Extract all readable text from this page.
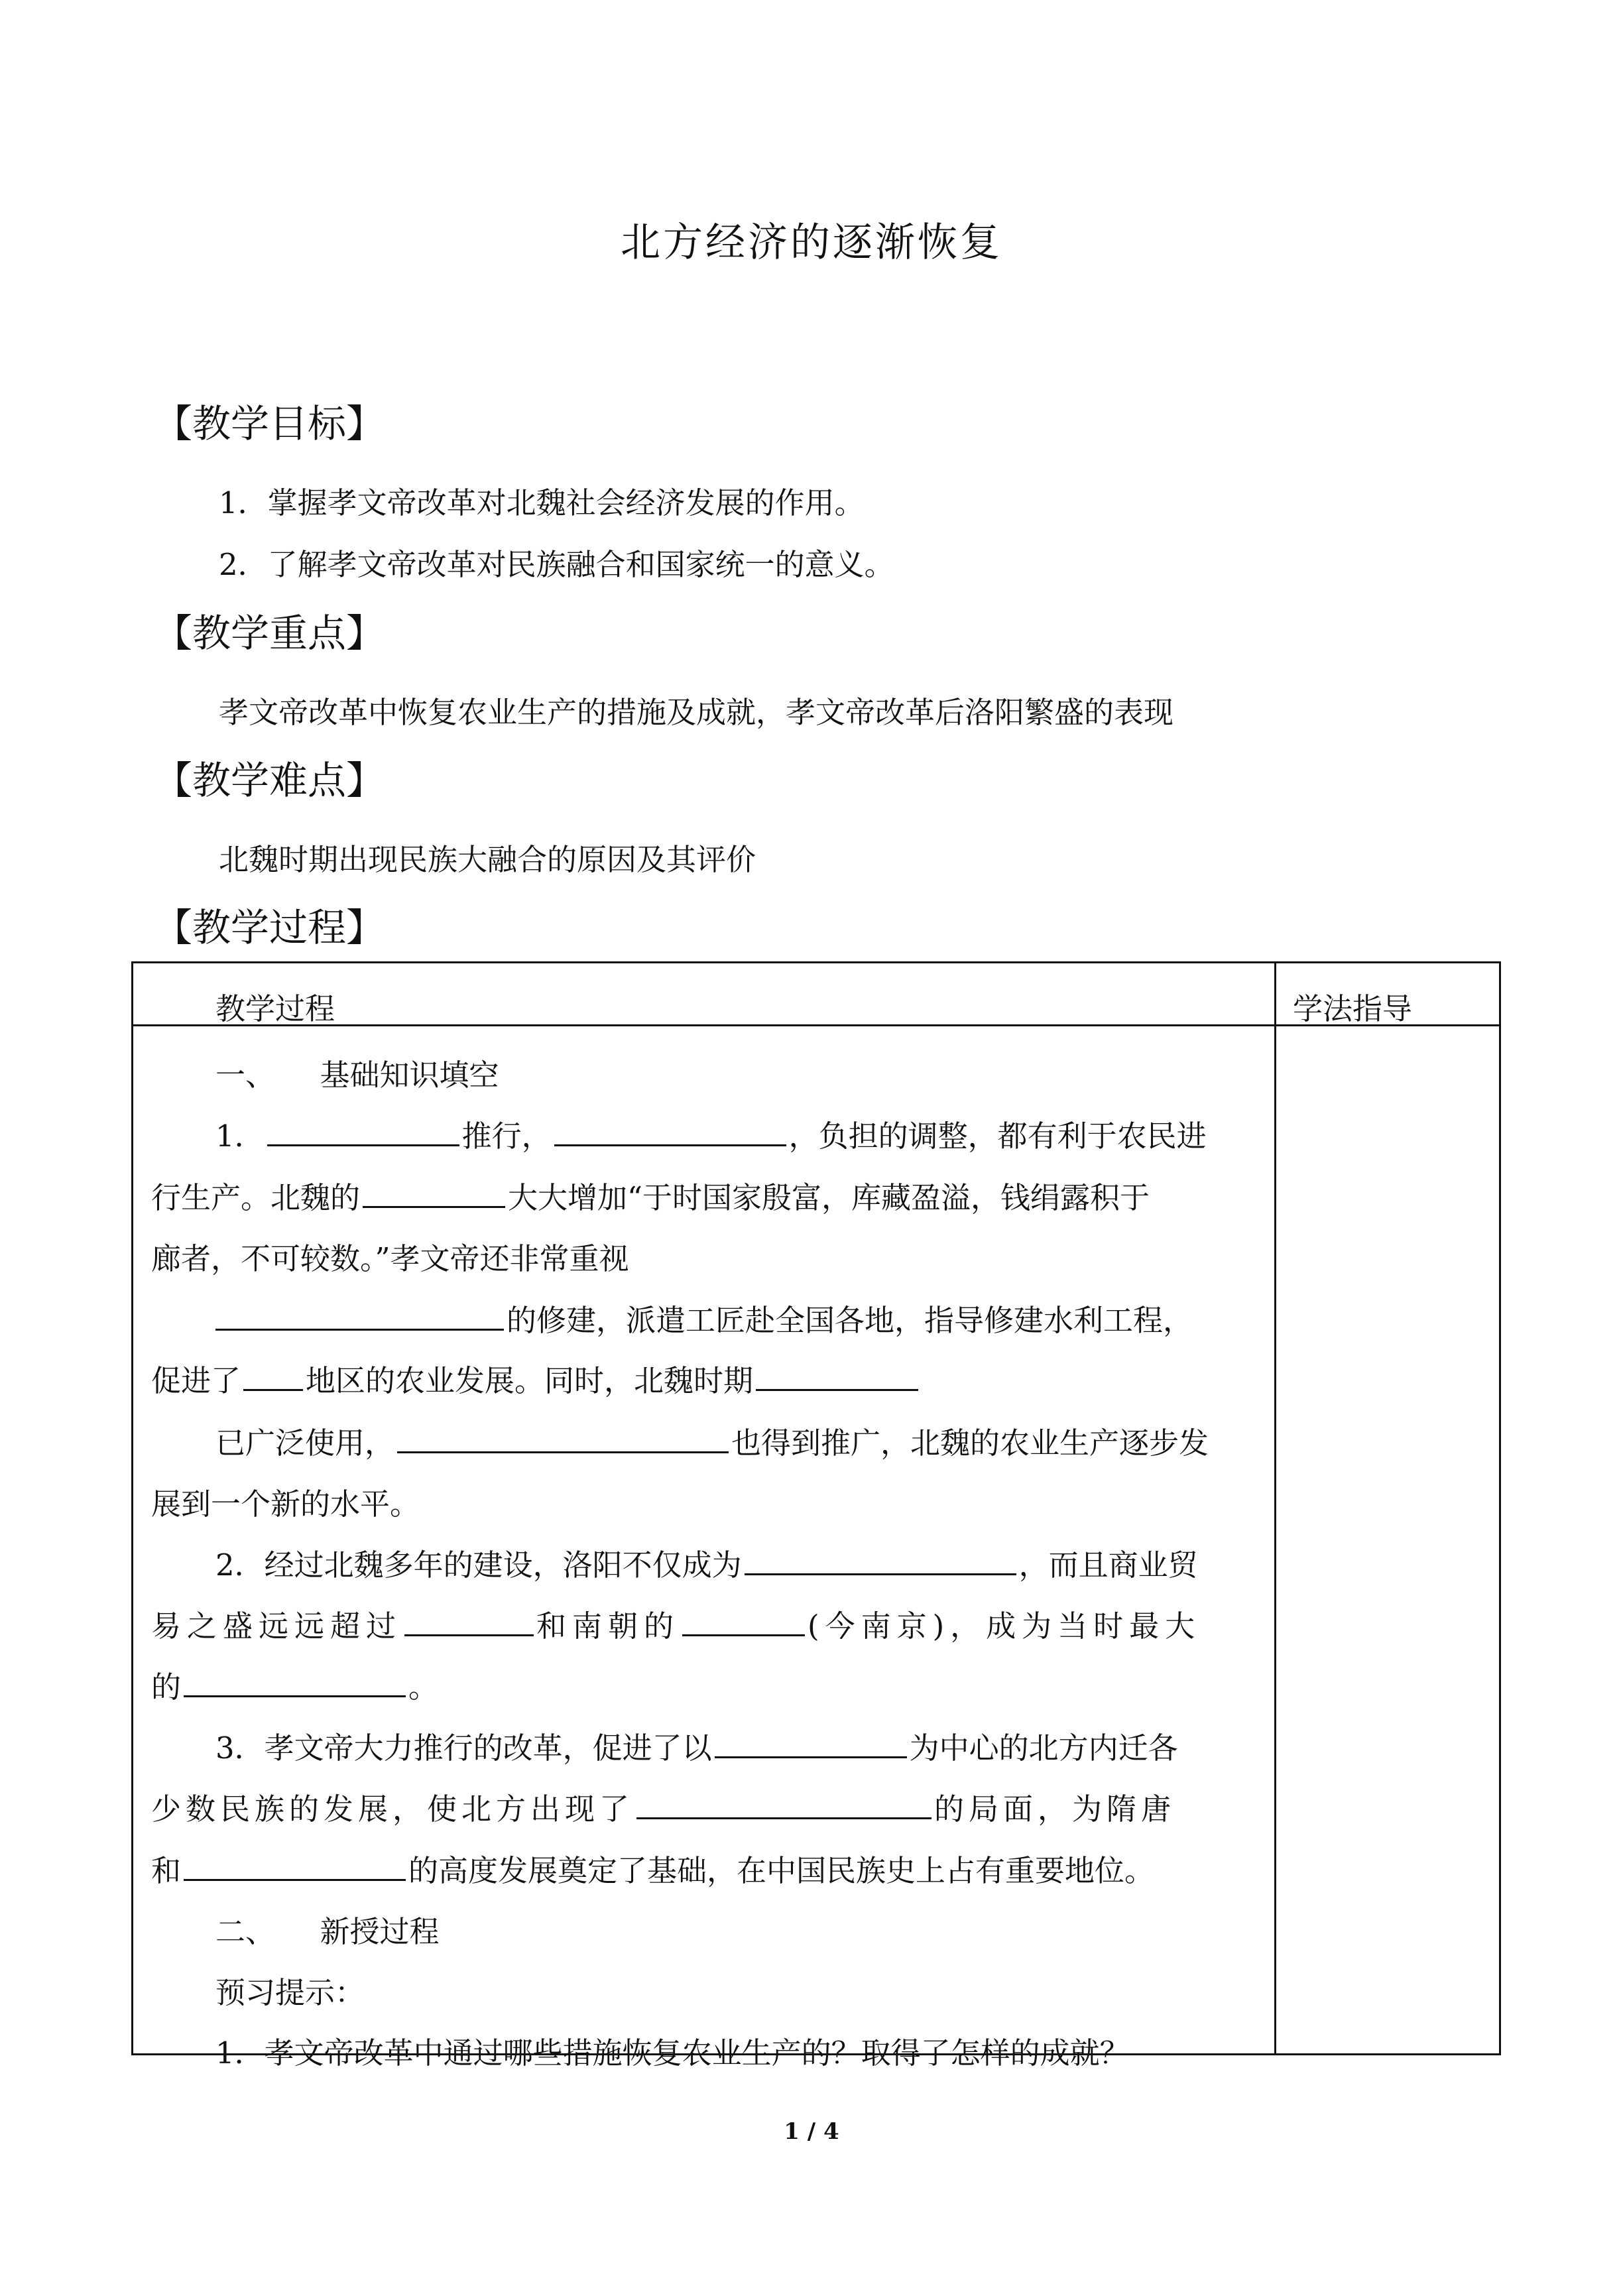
北方经济的逐渐恢复
【教学目标】
1．掌握孝文帝改革对北魏社会经济发展的作用。
2．了解孝文帝改革对民族融合和国家统一的意义。
【教学重点】
孝文帝改革中恢复农业生产的措施及成就，孝文帝改革后洛阳繁盛的表现
【教学难点】
北魏时期出现民族大融合的原因及其评价
【教学过程】
教学过程	学法指导
一、　　基础知识填空
1．	推行，	，负担的调整，都有利于农民进
行生产。北魏的	大大增加“于时国家殷富，库藏盈溢，钱绢露积于
廊者，不可较数。”孝文帝还非常重视
的修建，派遣工匠赴全国各地，指导修建水利工程，
促进了 地区的农业发展。同时，北魏时期
已广泛使用，	也得到推广，北魏的农业生产逐步发
展到一个新的水平。
2．经过北魏多年的建设，洛阳不仅成为	，而且商业贸
易之盛远远超过	和南朝的	(今南京)，成为当时最大
的	。
3．孝文帝大力推行的改革，促进了以	为中心的北方内迁各
少数民族的发展，使北方出现了	的局面，为隋唐
和	的高度发展奠定了基础，在中国民族史上占有重要地位。
二、　　新授过程
预习提示：
1．孝文帝改革中通过哪些措施恢复农业生产的？取得了怎样的成就？
1 / 4
